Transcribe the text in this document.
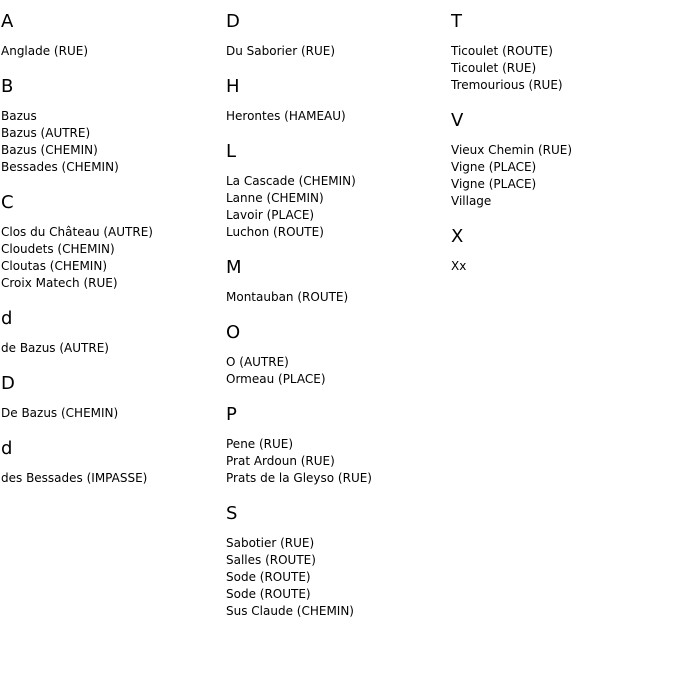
A
Anglade (RUE)
B
Bazus
Bazus (AUTRE)
Bazus (CHEMIN)
Bessades (CHEMIN)
C
Clos du Château (AUTRE)
Cloudets (CHEMIN)
Cloutas (CHEMIN)
Croix Matech (RUE)
d
de Bazus (AUTRE)
D
De Bazus (CHEMIN)
d
des Bessades (IMPASSE)
D
Du Saborier (RUE)
H
Herontes (HAMEAU)
L
La Cascade (CHEMIN)
Lanne (CHEMIN)
Lavoir (PLACE)
Luchon (ROUTE)
M
Montauban (ROUTE)
O
O (AUTRE)
Ormeau (PLACE)
P
Pene (RUE)
Prat Ardoun (RUE)
Prats de la Gleyso (RUE)
S
Sabotier (RUE)
Salles (ROUTE)
Sode (ROUTE)
Sode (ROUTE)
Sus Claude (CHEMIN)
T
Ticoulet (ROUTE)
Ticoulet (RUE)
Tremourious (RUE)
V
Vieux Chemin (RUE)
Vigne (PLACE)
Vigne (PLACE)
Village
X
Xx
